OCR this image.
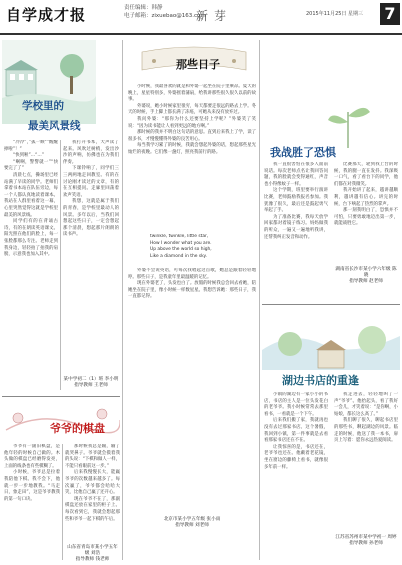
自学成才报	责任编辑：韩静
电子邮箱：zixuebao@163.com
新芽	2015年11月25日 星期三 7
学校里的
最美风景线

“冷冷”，”孤一顾“”醒醒掉啦”！”

“快到啦”…“…”

“啊啊，警警就一”“快要完了了”

清晨七点，操场里已经站满了早读的同学。老师们拿着书本站在队伍旁边，每一个人都认真地读着课本。我站在人群里看着这一幕，心里突然觉得这就是学校里最美的风景线。

同学们有的在背诵古诗，有的在朗读英语课文。阳光照在他们的脸上，每一张脸都那么专注。老师走到我身边，轻轻拍了拍我的肩膀，示意我也加入其中。

我打开书本，大声读了起来。风吹过树梢，发出沙沙的声响，仿佛也在为我们伴奏。

下课铃响了，同学们三三两两地走回教室。有的在讨论刚才读过的文章，有的在互相提问。走廊里回荡着欢声笑语。

我想，这就是属于我们的青春，是学校里最动人的风景。多年以后，当我们回想起这些日子，一定会想起那个清晨，想起那片朗朗的读书声。

某中学初二（1）班 李小明
指导教师 王老师
那些日子

小时候，我最喜欢的就是和外婆一起坐在院子里乘凉。夏天的晚上，星星特别多，外婆摇着蒲扇，给我讲那些很久很久以前的故事。

外婆说，她小时候家里很穷，每天都要走很远的路去上学。冬天的时候，手上脚上都长满了冻疮，可她从来没有放弃过。

我问外婆：“那你为什么还要坚持上学呢？”外婆笑了笑说：“因为读书能让人看到更远的地方啊。”

那时候的我并不明白这句话的意思。直到后来我上了学，读了很多书，才慢慢懂得外婆的良苦用心。

每当我学习累了的时候，我就会想起外婆的话，想起那些星光灿烂的夜晚。它们像一盏灯，照亮我前行的路。

twinkle, twinkle, little star,
How I wonder what you are.
Up above the world so high,
Like a diamond in the sky.

外婆不会说英语，可每次我唱起这首歌，她总是跟着轻轻地哼。那些日子，是我童年里最温暖的记忆。

现在外婆老了，头发也白了。放假的时候我总会回去看她，陪她坐在院子里，像小时候一样数星星。我想告诉她：那些日子，我一直都记得。

北京市某小学五年级 张小雨
指导教师 刘老师
我战胜了恐惧

我一直很害怕在很多人面前说话。每次老师点名让我回答问题，我的脸就会变得通红，声音也小得像蚊子一样。

这个学期，班里要举行演讲比赛，老师鼓励我报名参加。我犹豫了很久，最后还是鼓起勇气举起了手。

为了准备比赛，我每天放学回家都对着镜子练习。妈妈做我的听众，一遍又一遍地听我讲，还帮我纠正发音和动作。

比赛那天，轮到我上台的时候，我的腿一直在发抖。我深吸一口气，看了看台下的同学，他们都在对我微笑。

我开始讲了起来，越讲越顺利，越讲越有信心。讲完的时候，台下响起了热烈的掌声。

那一刻我明白了，恐惧并不可怕，只要勇敢地迈出第一步，就能战胜它。

湖南省长沙市某小学六年级 陈晓
指导教师 赵老师
湖边书店的重逢

小镇的湖边有一家小小的书店，书店的主人是一位头发花白的老爷爷。我小时候常常去那里看书，一看就是一个下午。

后来我们搬了家，我就再也没有去过那家书店。这个暑假，我回到小镇，第一件事就是去看看那家书店还在不在。

让我惊喜的是，书店还在，老爷爷也还在。他戴着老花镜，坐在窗边的藤椅上看书，就像很多年前一样。

我走进去，轻轻地叫了一声“爷爷”。他抬起头，看了我好一会儿，才笑着说：“是你啊，小姑娘，都长这么高了。”

我们聊了很久，聊起书店里的那些书，聊起湖边的风景。临走的时候，他送了我一本书，扉页上写着：愿你永远热爱阅读。

江苏省苏州市某中学初一 周婷
指导教师 孙老师
爷爷的棋盘

爷爷有一副旧棋盘，是他年轻的时候自己做的。木头做的棋盘已经磨得发亮，上面的线条也有些模糊了。

小时候，爷爷总是拉着我陪他下棋。我不会下，他就一步一步地教我。“马走日，象走田”，这是爷爷教我的第一句口诀。

那时候我总是输，输了就哭鼻子。爷爷就会摸着我的头说：“下棋和做人一样，不能只看眼前这一步。”

后来我慢慢长大，能赢爷爷的次数越来越多了。每次赢了，爷爷都会哈哈大笑，比他自己赢了还开心。

现在爷爷不在了，那副棋盘还放在家里的柜子上。每次看到它，我就会想起那些和爷爷一起下棋的午后。

山东省青岛市某小学五年级 刘浩
指导教师 钱老师
